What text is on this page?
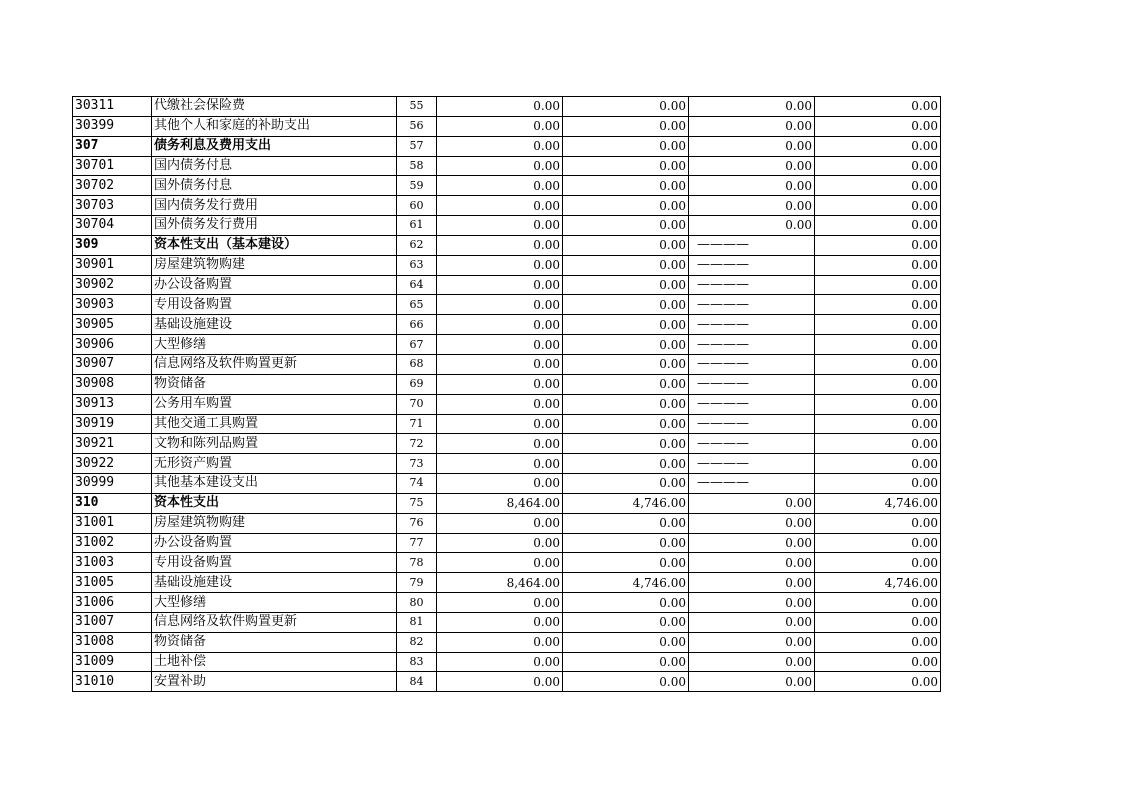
30311	代缴社会保险费	55	0.00	0.00	0.00	0.00
30399	其他个人和家庭的补助支出	56	0.00	0.00	0.00	0.00
307	债务利息及费用支出	57	0.00	0.00	0.00	0.00
30701	国内债务付息	58	0.00	0.00	0.00	0.00
30702	国外债务付息	59	0.00	0.00	0.00	0.00
30703	国内债务发行费用	60	0.00	0.00	0.00	0.00
30704	国外债务发行费用	61	0.00	0.00	0.00	0.00
309	资本性支出（基本建设）	62	0.00	0.00	————	0.00
30901	房屋建筑物购建	63	0.00	0.00	————	0.00
30902	办公设备购置	64	0.00	0.00	————	0.00
30903	专用设备购置	65	0.00	0.00	————	0.00
30905	基础设施建设	66	0.00	0.00	————	0.00
30906	大型修缮	67	0.00	0.00	————	0.00
30907	信息网络及软件购置更新	68	0.00	0.00	————	0.00
30908	物资储备	69	0.00	0.00	————	0.00
30913	公务用车购置	70	0.00	0.00	————	0.00
30919	其他交通工具购置	71	0.00	0.00	————	0.00
30921	文物和陈列品购置	72	0.00	0.00	————	0.00
30922	无形资产购置	73	0.00	0.00	————	0.00
30999	其他基本建设支出	74	0.00	0.00	————	0.00
310	资本性支出	75	8,464.00	4,746.00	0.00	4,746.00
31001	房屋建筑物购建	76	0.00	0.00	0.00	0.00
31002	办公设备购置	77	0.00	0.00	0.00	0.00
31003	专用设备购置	78	0.00	0.00	0.00	0.00
31005	基础设施建设	79	8,464.00	4,746.00	0.00	4,746.00
31006	大型修缮	80	0.00	0.00	0.00	0.00
31007	信息网络及软件购置更新	81	0.00	0.00	0.00	0.00
31008	物资储备	82	0.00	0.00	0.00	0.00
31009	土地补偿	83	0.00	0.00	0.00	0.00
31010	安置补助	84	0.00	0.00	0.00	0.00
